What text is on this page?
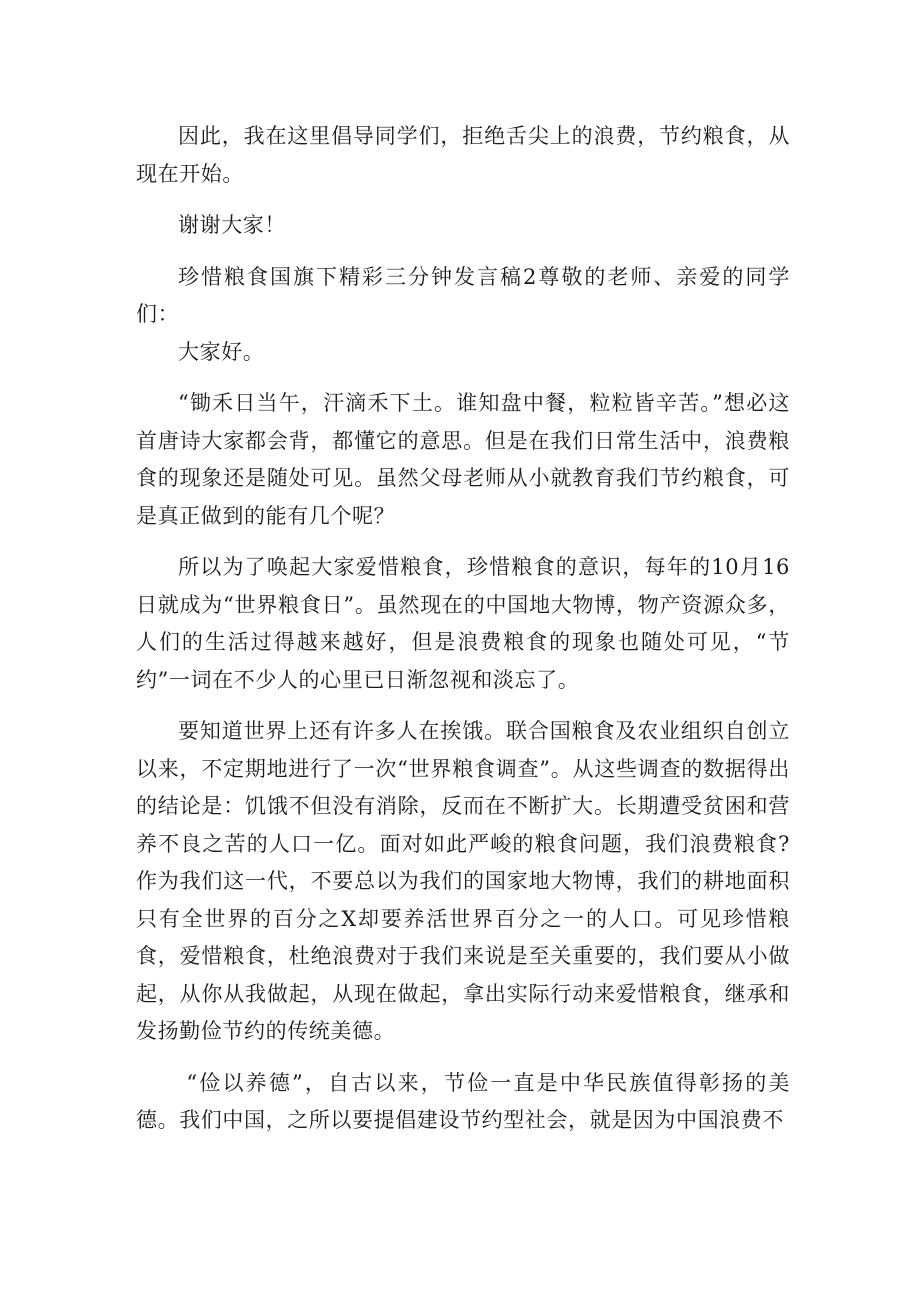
因此，我在这里倡导同学们，拒绝舌尖上的浪费，节约粮食，从现在开始。

谢谢大家！

珍惜粮食国旗下精彩三分钟发言稿2尊敬的老师、亲爱的同学们：

大家好。

“锄禾日当午，汗滴禾下土。谁知盘中餐，粒粒皆辛苦。”想必这首唐诗大家都会背，都懂它的意思。但是在我们日常生活中，浪费粮食的现象还是随处可见。虽然父母老师从小就教育我们节约粮食，可是真正做到的能有几个呢？

所以为了唤起大家爱惜粮食，珍惜粮食的意识，每年的10月16日就成为“世界粮食日”。虽然现在的中国地大物博，物产资源众多，人们的生活过得越来越好，但是浪费粮食的现象也随处可见，“节约”一词在不少人的心里已日渐忽视和淡忘了。

要知道世界上还有许多人在挨饿。联合国粮食及农业组织自创立以来，不定期地进行了一次“世界粮食调查”。从这些调查的数据得出的结论是：饥饿不但没有消除，反而在不断扩大。长期遭受贫困和营养不良之苦的人口一亿。面对如此严峻的粮食问题，我们浪费粮食?作为我们这一代，不要总以为我们的国家地大物博，我们的耕地面积只有全世界的百分之X却要养活世界百分之一的人口。可见珍惜粮食，爱惜粮食，杜绝浪费对于我们来说是至关重要的，我们要从小做起，从你从我做起，从现在做起，拿出实际行动来爱惜粮食，继承和发扬勤俭节约的传统美德。

“俭以养德”，自古以来，节俭一直是中华民族值得彰扬的美德。我们中国，之所以要提倡建设节约型社会，就是因为中国浪费不
